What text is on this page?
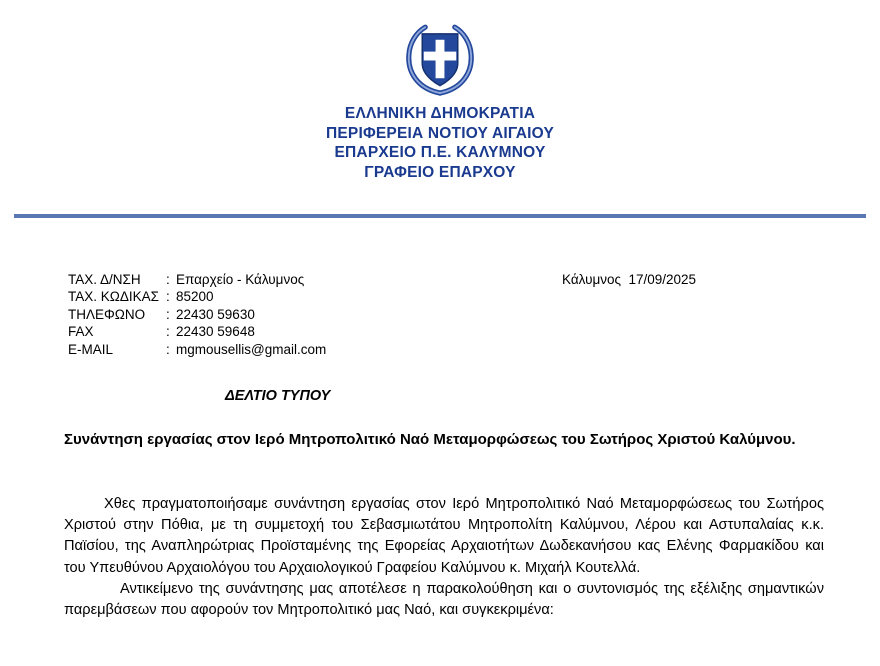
ΕΛΛΗΝΙΚΗ ΔΗΜΟΚΡΑΤΙΑ
ΠΕΡΙΦΕΡΕΙΑ ΝΟΤΙΟΥ ΑΙΓΑΙΟΥ
ΕΠΑΡΧΕΙΟ Π.Ε. ΚΑΛΥΜΝΟΥ
ΓΡΑΦΕΙΟ ΕΠΑΡΧΟΥ
ΤΑΧ. Δ/ΝΣΗ	: Επαρχείο - Κάλυμνος
ΤΑΧ. ΚΩΔΙΚΑΣ : 85200
ΤΗΛΕΦΩΝΟ	: 22430 59630
FAX	: 22430 59648
E-MAIL	: mgmousellis@gmail.com
Κάλυμνος  17/09/2025
ΔΕΛΤΙΟ ΤΥΠΟΥ
Συνάντηση εργασίας στον Ιερό Μητροπολιτικό Ναό Μεταμορφώσεως του Σωτήρος Χριστού Καλύμνου.

Χθες πραγματοποιήσαμε συνάντηση εργασίας στον Ιερό Μητροπολιτικό Ναό Μεταμορφώσεως του Σωτήρος Χριστού στην Πόθια, με τη συμμετοχή του Σεβασμιωτάτου Μητροπολίτη Καλύμνου, Λέρου και Αστυπαλαίας κ.κ. Παϊσίου, της Αναπληρώτριας Προϊσταμένης της Εφορείας Αρχαιοτήτων Δωδεκανήσου κας Ελένης Φαρμακίδου και του Υπευθύνου Αρχαιολόγου του Αρχαιολογικού Γραφείου Καλύμνου κ. Μιχαήλ Κουτελλά.

Αντικείμενο της συνάντησης μας αποτέλεσε η παρακολούθηση και ο συντονισμός της εξέλιξης σημαντικών παρεμβάσεων που αφορούν τον Μητροπολιτικό μας Ναό, και συγκεκριμένα:
